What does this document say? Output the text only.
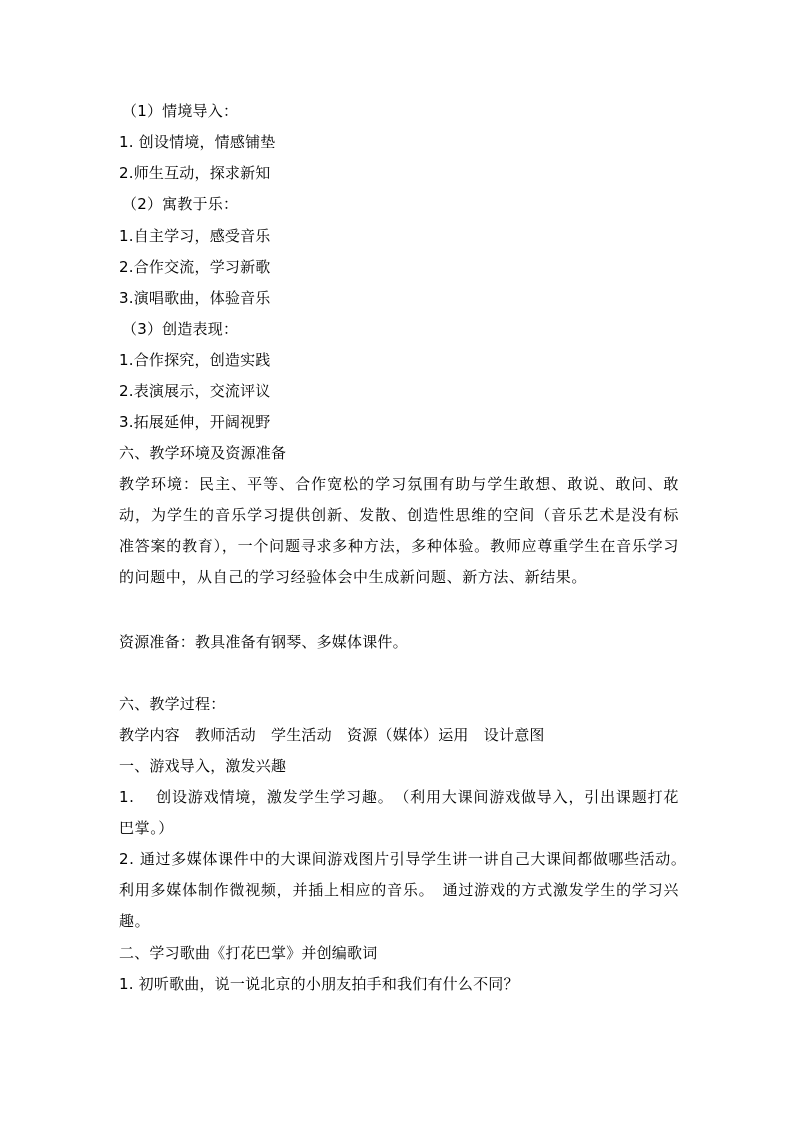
（1）情境导入：
1. 创设情境，情感铺垫
2.师生互动，探求新知
（2）寓教于乐：
1.自主学习，感受音乐
2.合作交流，学习新歌
3.演唱歌曲，体验音乐
（3）创造表现：
1.合作探究，创造实践
2.表演展示，交流评议
3.拓展延伸，开阔视野
六、教学环境及资源准备
教学环境：民主、平等、合作宽松的学习氛围有助与学生敢想、敢说、敢问、敢动，为学生的音乐学习提供创新、发散、创造性思维的空间（音乐艺术是没有标准答案的教育），一个问题寻求多种方法，多种体验。教师应尊重学生在音乐学习的问题中，从自己的学习经验体会中生成新问题、新方法、新结果。
资源准备：教具准备有钢琴、多媒体课件。
六、教学过程：
教学内容　教师活动　学生活动　资源（媒体）运用　设计意图
一、游戏导入，激发兴趣
1.　 创设游戏情境，激发学生学习趣。　（利用大课间游戏做导入，引出课题打花巴掌。）
2. 通过多媒体课件中的大课间游戏图片引导学生讲一讲自己大课间都做哪些活动。　利用多媒体制作微视频，并插上相应的音乐。　通过游戏的方式激发学生的学习兴趣。
二、学习歌曲《打花巴掌》并创编歌词
1. 初听歌曲，说一说北京的小朋友拍手和我们有什么不同？
